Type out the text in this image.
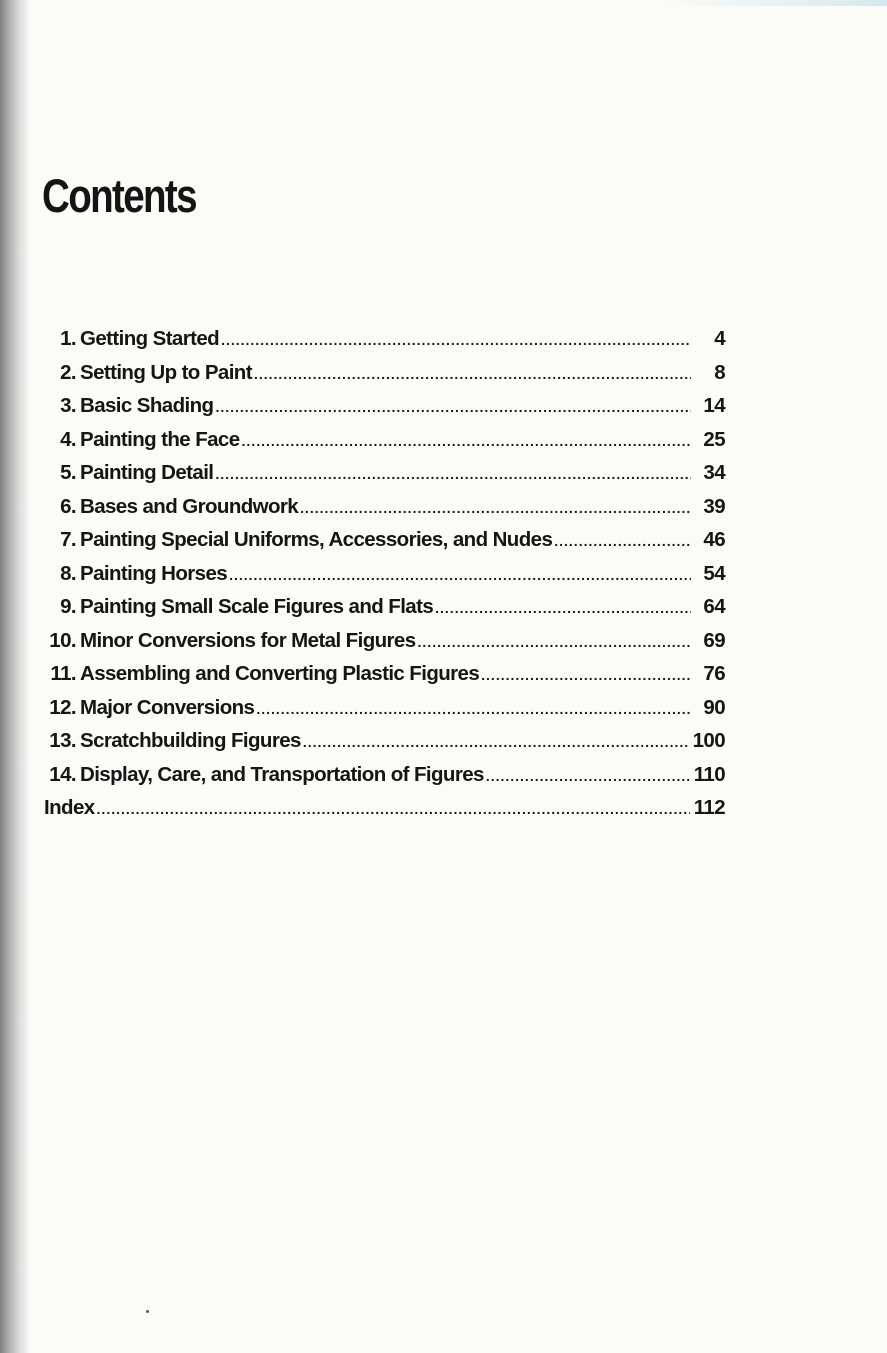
Contents
1. Getting Started .....	4
2. Setting Up to Paint .....	8
3. Basic Shading .....	14
4. Painting the Face .....	25
5. Painting Detail .....	34
6. Bases and Groundwork .....	39
7. Painting Special Uniforms, Accessories, and Nudes .....	46
8. Painting Horses .....	54
9. Painting Small Scale Figures and Flats .....	64
10. Minor Conversions for Metal Figures .....	69
11. Assembling and Converting Plastic Figures .....	76
12. Major Conversions .....	90
13. Scratchbuilding Figures .....	100
14. Display, Care, and Transportation of Figures .....	110
Index .....	112
